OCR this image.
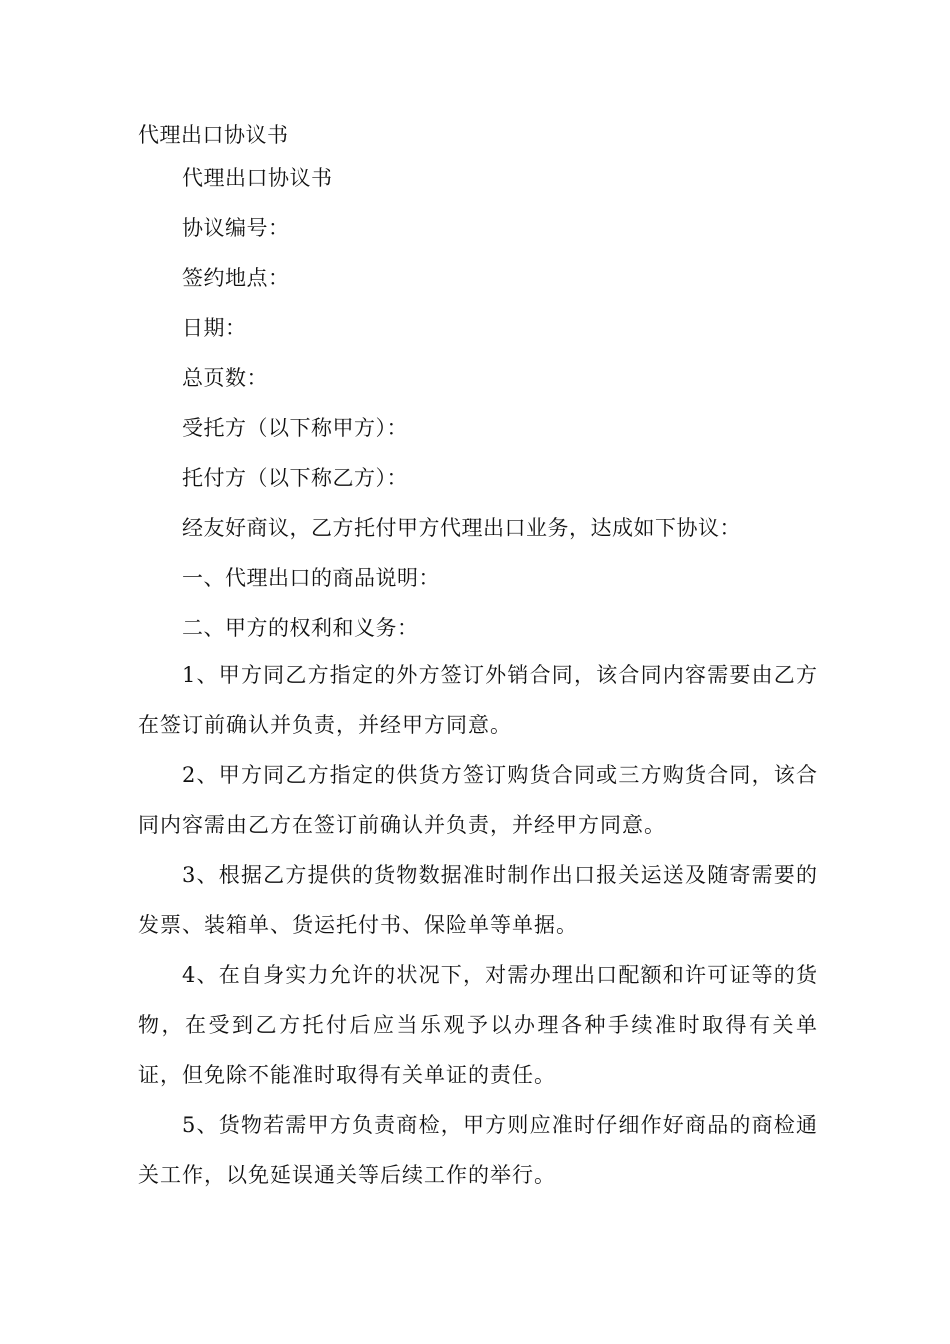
代理出口协议书
代理出口协议书
协议编号：
签约地点：
日期：
总页数：
受托方（以下称甲方）：
托付方（以下称乙方）：
经友好商议，乙方托付甲方代理出口业务，达成如下协议：
一、代理出口的商品说明：
二、甲方的权利和义务：
1、甲方同乙方指定的外方签订外销合同，该合同内容需要由乙方在签订前确认并负责，并经甲方同意。
2、甲方同乙方指定的供货方签订购货合同或三方购货合同，该合同内容需由乙方在签订前确认并负责，并经甲方同意。
3、根据乙方提供的货物数据准时制作出口报关运送及随寄需要的发票、装箱单、货运托付书、保险单等单据。
4、在自身实力允许的状况下，对需办理出口配额和许可证等的货物，在受到乙方托付后应当乐观予以办理各种手续准时取得有关单证，但免除不能准时取得有关单证的责任。
5、货物若需甲方负责商检，甲方则应准时仔细作好商品的商检通关工作，以免延误通关等后续工作的举行。
